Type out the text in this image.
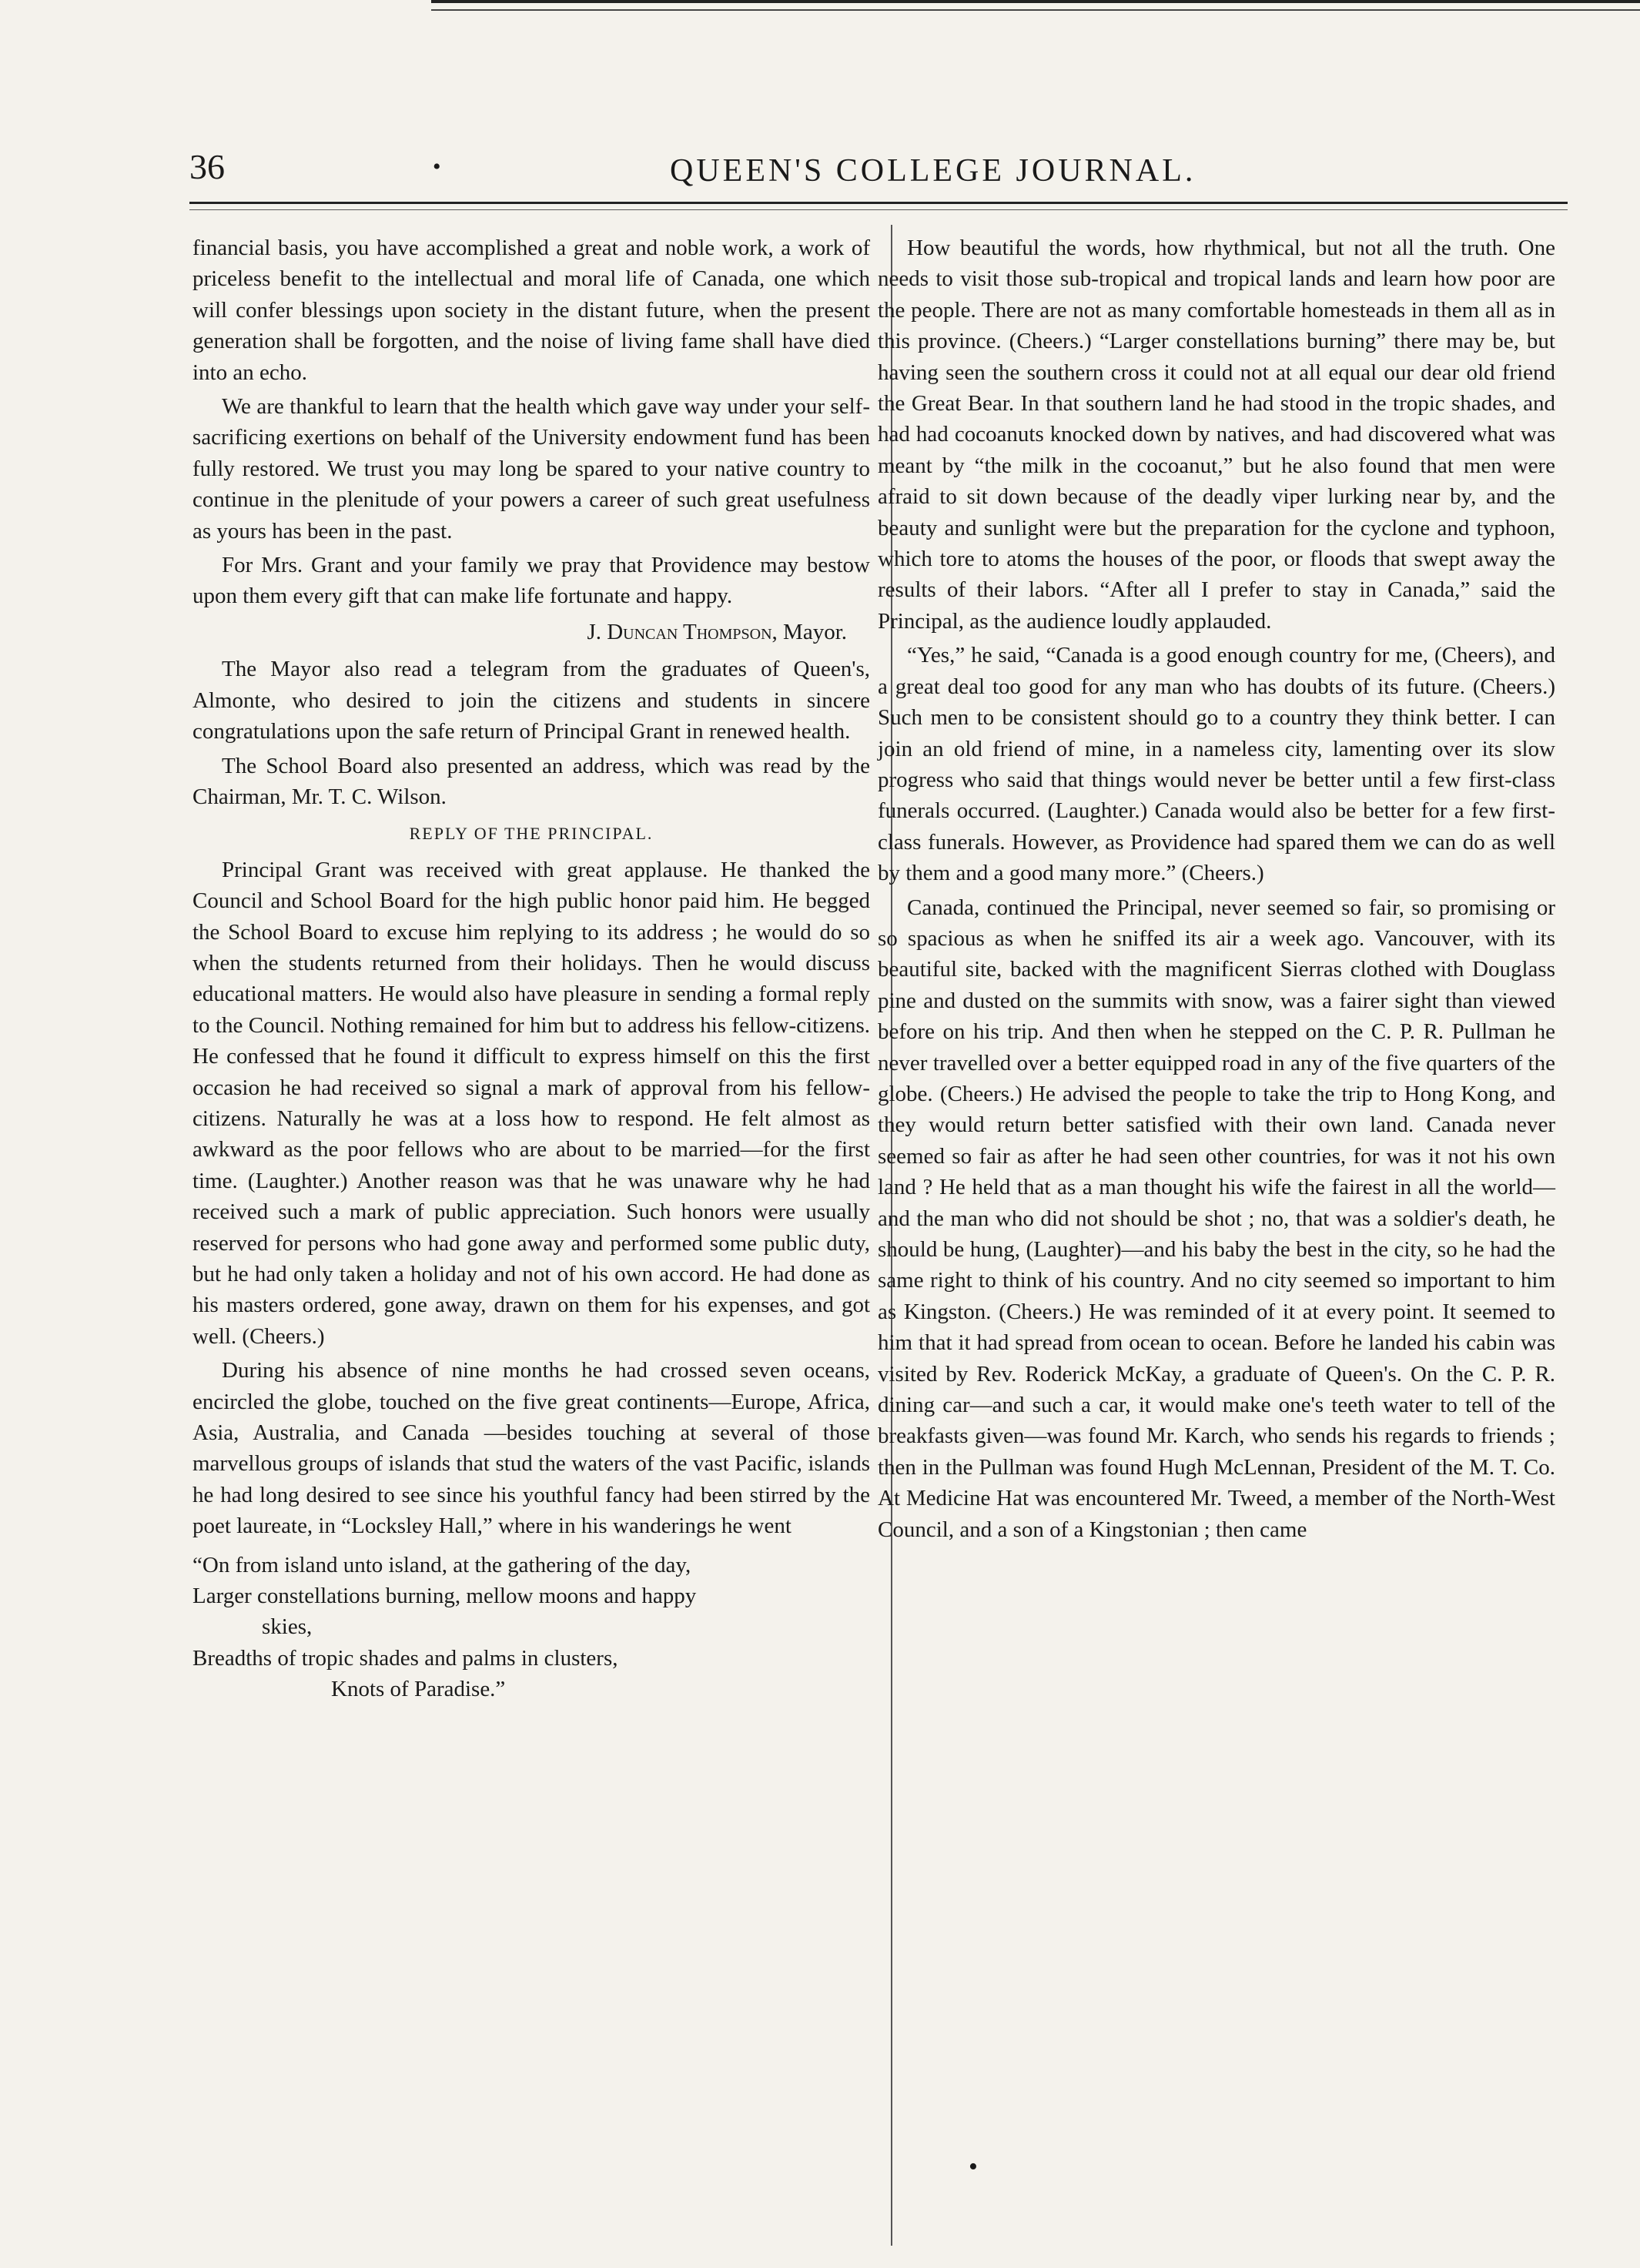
36	•	QUEEN'S COLLEGE JOURNAL.

financial basis, you have accomplished a great and noble work, a work of priceless benefit to the intellectual and moral life of Canada, one which will confer blessings upon society in the distant future, when the present generation shall be forgotten, and the noise of living fame shall have died into an echo.

We are thankful to learn that the health which gave way under your self-sacrificing exertions on behalf of the University endowment fund has been fully restored. We trust you may long be spared to your native country to continue in the plenitude of your powers a career of such great usefulness as yours has been in the past.

For Mrs. Grant and your family we pray that Providence may bestow upon them every gift that can make life fortunate and happy.

J. Duncan Thompson, Mayor.

The Mayor also read a telegram from the graduates of Queen's, Almonte, who desired to join the citizens and students in sincere congratulations upon the safe return of Principal Grant in renewed health.

The School Board also presented an address, which was read by the Chairman, Mr. T. C. Wilson.

REPLY OF THE PRINCIPAL.

Principal Grant was received with great applause. He thanked the Council and School Board for the high public honor paid him. He begged the School Board to excuse him replying to its address ; he would do so when the students returned from their holidays. Then he would discuss educational matters. He would also have pleasure in sending a formal reply to the Council. Nothing remained for him but to address his fellow-citizens. He confessed that he found it difficult to express himself on this the first occasion he had received so signal a mark of approval from his fellow-citizens. Naturally he was at a loss how to respond. He felt almost as awkward as the poor fellows who are about to be married—for the first time. (Laughter.) Another reason was that he was unaware why he had received such a mark of public appreciation. Such honors were usually reserved for persons who had gone away and performed some public duty, but he had only taken a holiday and not of his own accord. He had done as his masters ordered, gone away, drawn on them for his expenses, and got well. (Cheers.)

During his absence of nine months he had crossed seven oceans, encircled the globe, touched on the five great continents—Europe, Africa, Asia, Australia, and Canada —besides touching at several of those marvellous groups of islands that stud the waters of the vast Pacific, islands he had long desired to see since his youthful fancy had been stirred by the poet laureate, in “Locksley Hall,” where in his wanderings he went

“On from island unto island, at the gathering of the day,
Larger constellations burning, mellow moons and happy
skies,
Breadths of tropic shades and palms in clusters,
Knots of Paradise.”

How beautiful the words, how rhythmical, but not all the truth. One needs to visit those sub-tropical and tropical lands and learn how poor are the people. There are not as many comfortable homesteads in them all as in this province. (Cheers.) “Larger constellations burning” there may be, but having seen the southern cross it could not at all equal our dear old friend the Great Bear. In that southern land he had stood in the tropic shades, and had had cocoanuts knocked down by natives, and had discovered what was meant by “the milk in the cocoanut,” but he also found that men were afraid to sit down because of the deadly viper lurking near by, and the beauty and sunlight were but the preparation for the cyclone and typhoon, which tore to atoms the houses of the poor, or floods that swept away the results of their labors. “After all I prefer to stay in Canada,” said the Principal, as the audience loudly applauded.

“Yes,” he said, “Canada is a good enough country for me, (Cheers), and a great deal too good for any man who has doubts of its future. (Cheers.) Such men to be consistent should go to a country they think better. I can join an old friend of mine, in a nameless city, lamenting over its slow progress who said that things would never be better until a few first-class funerals occurred. (Laughter.) Canada would also be better for a few first-class funerals. However, as Providence had spared them we can do as well by them and a good many more.” (Cheers.)

Canada, continued the Principal, never seemed so fair, so promising or so spacious as when he sniffed its air a week ago. Vancouver, with its beautiful site, backed with the magnificent Sierras clothed with Douglass pine and dusted on the summits with snow, was a fairer sight than viewed before on his trip. And then when he stepped on the C. P. R. Pullman he never travelled over a better equipped road in any of the five quarters of the globe. (Cheers.) He advised the people to take the trip to Hong Kong, and they would return better satisfied with their own land. Canada never seemed so fair as after he had seen other countries, for was it not his own land ? He held that as a man thought his wife the fairest in all the world—and the man who did not should be shot ; no, that was a soldier's death, he should be hung, (Laughter)—and his baby the best in the city, so he had the same right to think of his country. And no city seemed so important to him as Kingston. (Cheers.) He was reminded of it at every point. It seemed to him that it had spread from ocean to ocean. Before he landed his cabin was visited by Rev. Roderick McKay, a graduate of Queen's. On the C. P. R. dining car—and such a car, it would make one's teeth water to tell of the breakfasts given—was found Mr. Karch, who sends his regards to friends ; then in the Pullman was found Hugh McLennan, President of the M. T. Co. At Medicine Hat was encountered Mr. Tweed, a member of the North-West Council, and a son of a Kingstonian ; then came

•
